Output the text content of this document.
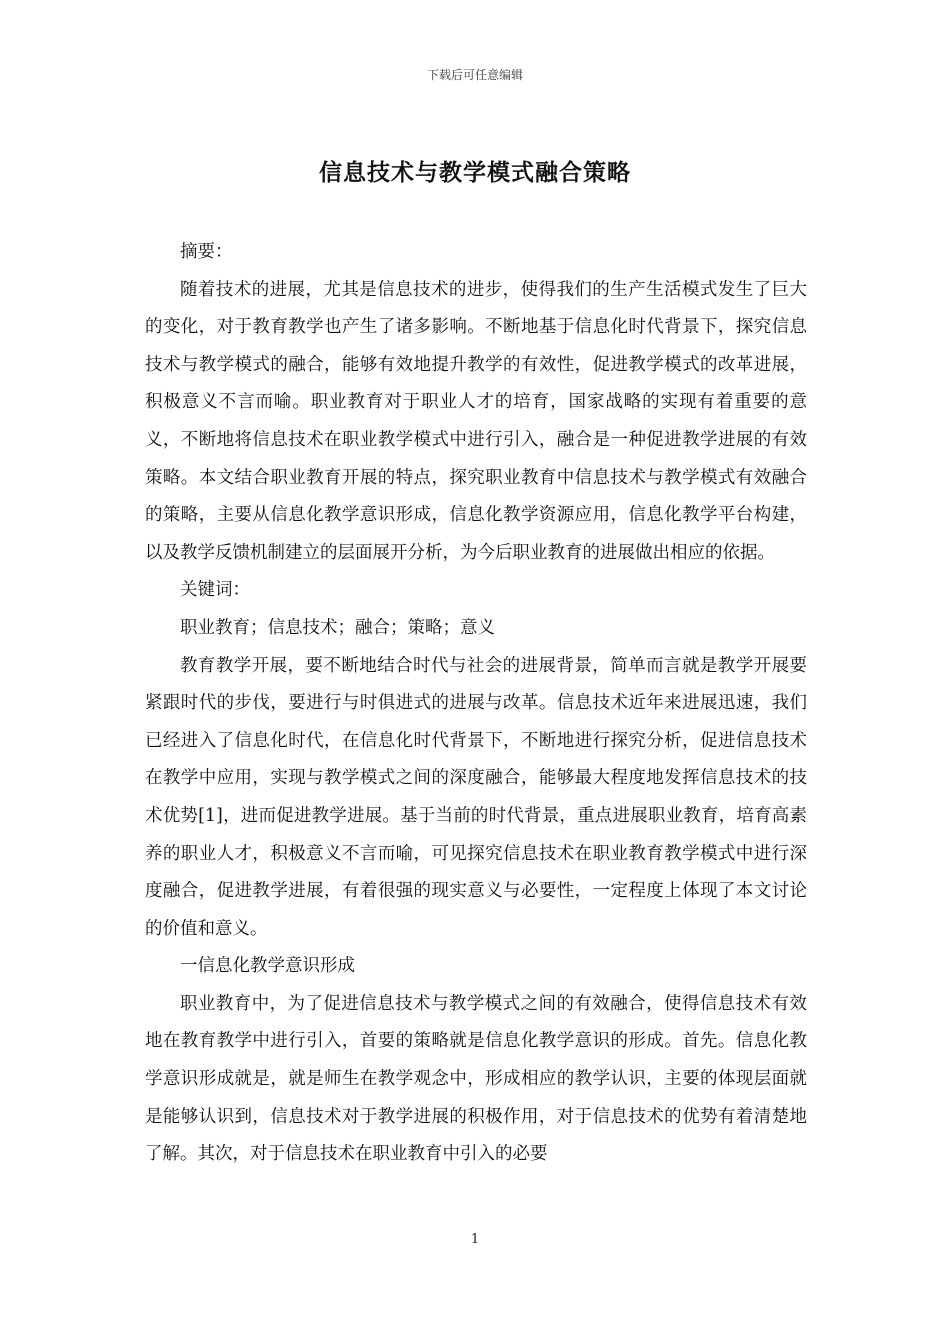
下载后可任意编辑
信息技术与教学模式融合策略

摘要：

随着技术的进展，尤其是信息技术的进步，使得我们的生产生活模式发生了巨大的变化，对于教育教学也产生了诸多影响。不断地基于信息化时代背景下，探究信息技术与教学模式的融合，能够有效地提升教学的有效性，促进教学模式的改革进展，积极意义不言而喻。职业教育对于职业人才的培育，国家战略的实现有着重要的意义，不断地将信息技术在职业教学模式中进行引入，融合是一种促进教学进展的有效策略。本文结合职业教育开展的特点，探究职业教育中信息技术与教学模式有效融合的策略，主要从信息化教学意识形成，信息化教学资源应用，信息化教学平台构建，以及教学反馈机制建立的层面展开分析，为今后职业教育的进展做出相应的依据。

关键词：

职业教育；信息技术；融合；策略；意义

教育教学开展，要不断地结合时代与社会的进展背景，简单而言就是教学开展要紧跟时代的步伐，要进行与时俱进式的进展与改革。信息技术近年来进展迅速，我们已经进入了信息化时代，在信息化时代背景下，不断地进行探究分析，促进信息技术在教学中应用，实现与教学模式之间的深度融合，能够最大程度地发挥信息技术的技术优势[1]，进而促进教学进展。基于当前的时代背景，重点进展职业教育，培育高素养的职业人才，积极意义不言而喻，可见探究信息技术在职业教育教学模式中进行深度融合，促进教学进展，有着很强的现实意义与必要性，一定程度上体现了本文讨论的价值和意义。

一信息化教学意识形成

职业教育中，为了促进信息技术与教学模式之间的有效融合，使得信息技术有效地在教育教学中进行引入，首要的策略就是信息化教学意识的形成。首先。信息化教学意识形成就是，就是师生在教学观念中，形成相应的教学认识，主要的体现层面就是能够认识到，信息技术对于教学进展的积极作用，对于信息技术的优势有着清楚地了解。其次，对于信息技术在职业教育中引入的必要

1
